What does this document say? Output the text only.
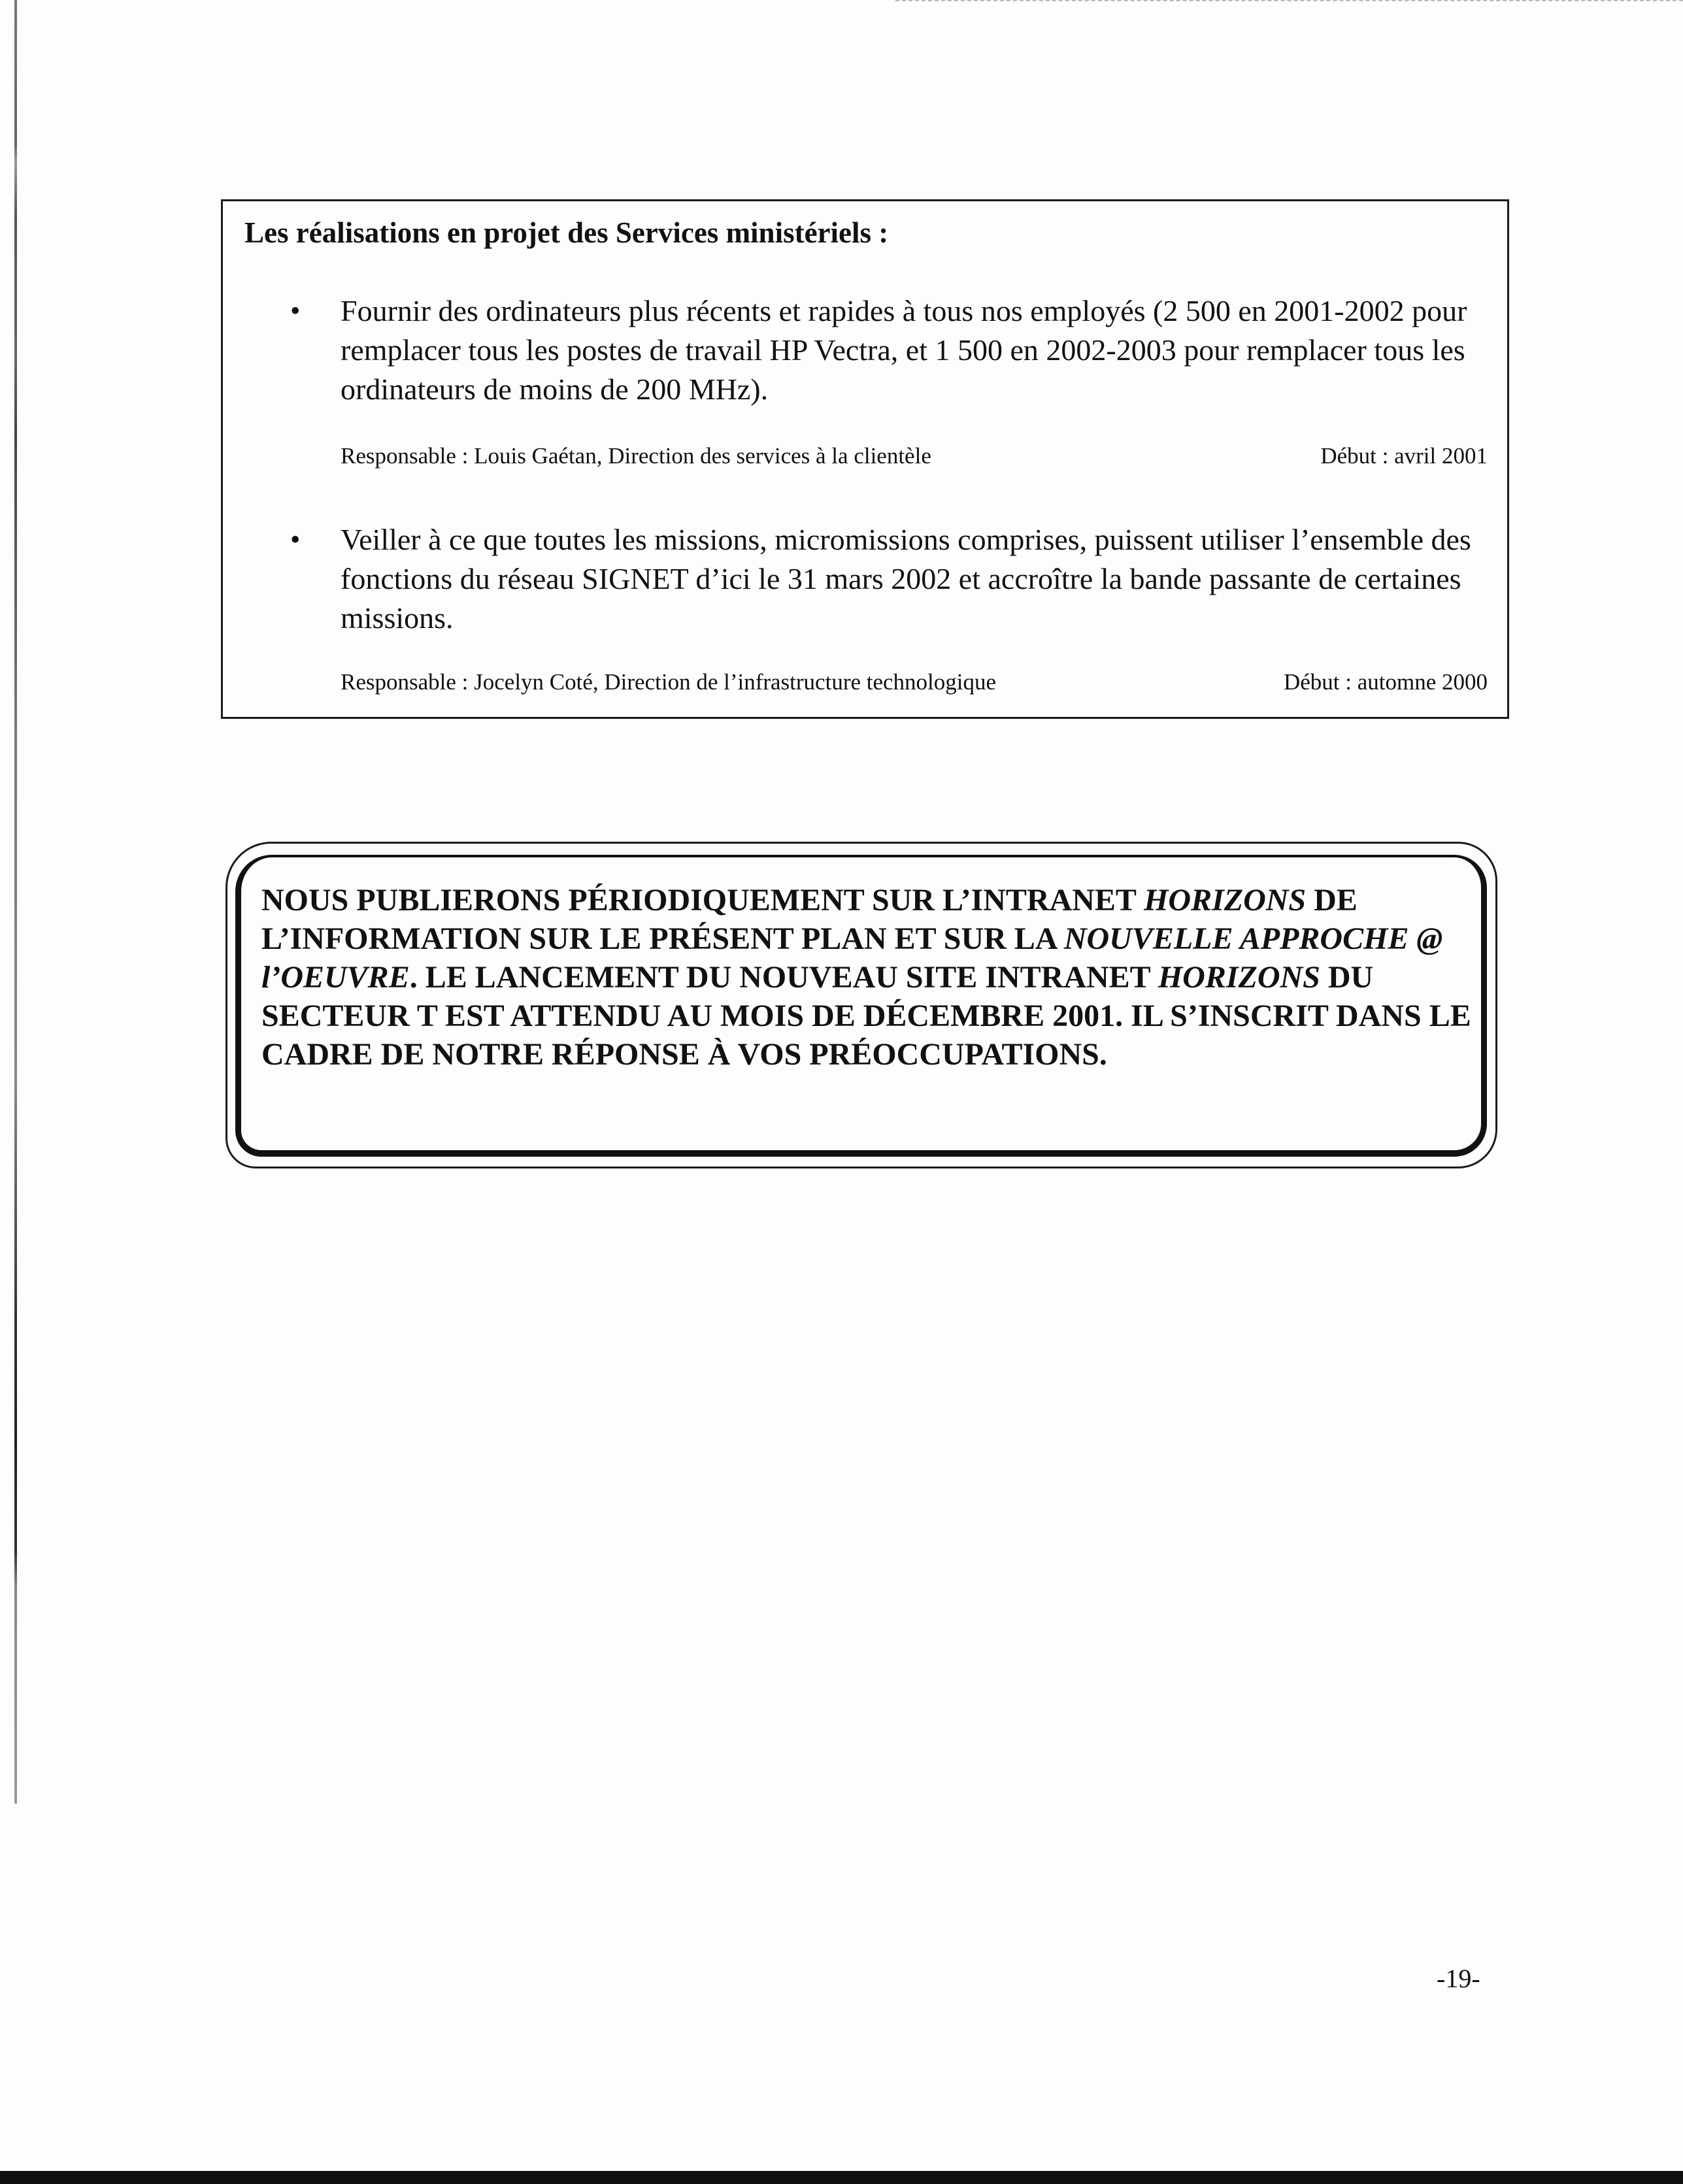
Les réalisations en projet des Services ministériels :
• Fournir des ordinateurs plus récents et rapides à tous nos employés (2 500 en 2001-2002 pour remplacer tous les postes de travail HP Vectra, et 1 500 en 2002-2003 pour remplacer tous les ordinateurs de moins de 200 MHz).

Responsable : Louis Gaétan, Direction des services à la clientèle	Début : avril 2001
• Veiller à ce que toutes les missions, micromissions comprises, puissent utiliser l’ensemble des fonctions du réseau SIGNET d’ici le 31 mars 2002 et accroître la bande passante de certaines missions.

Responsable : Jocelyn Coté, Direction de l’infrastructure technologique	Début : automne 2000

NOUS PUBLIERONS PÉRIODIQUEMENT SUR L’INTRANET HORIZONS DE L’INFORMATION SUR LE PRÉSENT PLAN ET SUR LA NOUVELLE APPROCHE @ l’OEUVRE. LE LANCEMENT DU NOUVEAU SITE INTRANET HORIZONS DU SECTEUR T EST ATTENDU AU MOIS DE DÉCEMBRE 2001. IL S’INSCRIT DANS LE CADRE DE NOTRE RÉPONSE À VOS PRÉOCCUPATIONS.

-19-
